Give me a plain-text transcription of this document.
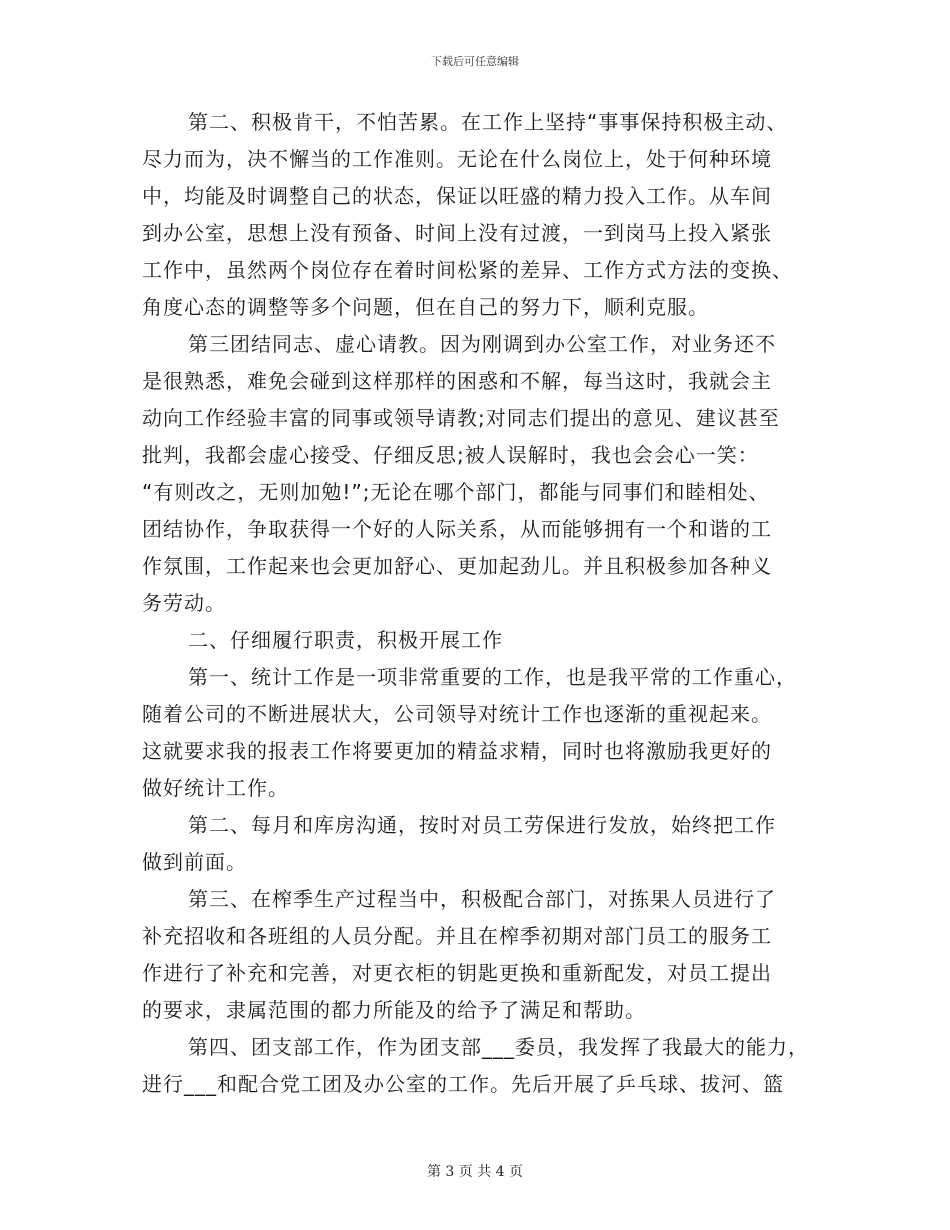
下载后可任意编辑

第二、积极肯干，不怕苦累。在工作上坚持“事事保持积极主动、
尽力而为，决不懈当的工作准则。无论在什么岗位上，处于何种环境
中，均能及时调整自己的状态，保证以旺盛的精力投入工作。从车间
到办公室，思想上没有预备、时间上没有过渡，一到岗马上投入紧张
工作中，虽然两个岗位存在着时间松紧的差异、工作方式方法的变换、
角度心态的调整等多个问题，但在自己的努力下，顺利克服。

第三团结同志、虚心请教。因为刚调到办公室工作，对业务还不
是很熟悉，难免会碰到这样那样的困惑和不解，每当这时，我就会主
动向工作经验丰富的同事或领导请教;对同志们提出的意见、建议甚至
批判，我都会虚心接受、仔细反思;被人误解时，我也会会心一笑：
“有则改之，无则加勉!”;无论在哪个部门，都能与同事们和睦相处、
团结协作，争取获得一个好的人际关系，从而能够拥有一个和谐的工
作氛围，工作起来也会更加舒心、更加起劲儿。并且积极参加各种义
务劳动。

二、仔细履行职责，积极开展工作

第一、统计工作是一项非常重要的工作，也是我平常的工作重心，
随着公司的不断进展状大，公司领导对统计工作也逐渐的重视起来。
这就要求我的报表工作将要更加的精益求精，同时也将激励我更好的
做好统计工作。

第二、每月和库房沟通，按时对员工劳保进行发放，始终把工作
做到前面。

第三、在榨季生产过程当中，积极配合部门，对拣果人员进行了
补充招收和各班组的人员分配。并且在榨季初期对部门员工的服务工
作进行了补充和完善，对更衣柜的钥匙更换和重新配发，对员工提出
的要求，隶属范围的都力所能及的给予了满足和帮助。

第四、团支部工作，作为团支部___委员，我发挥了我最大的能力，
进行___和配合党工团及办公室的工作。先后开展了乒乓球、拔河、篮

第 3 页 共 4 页
